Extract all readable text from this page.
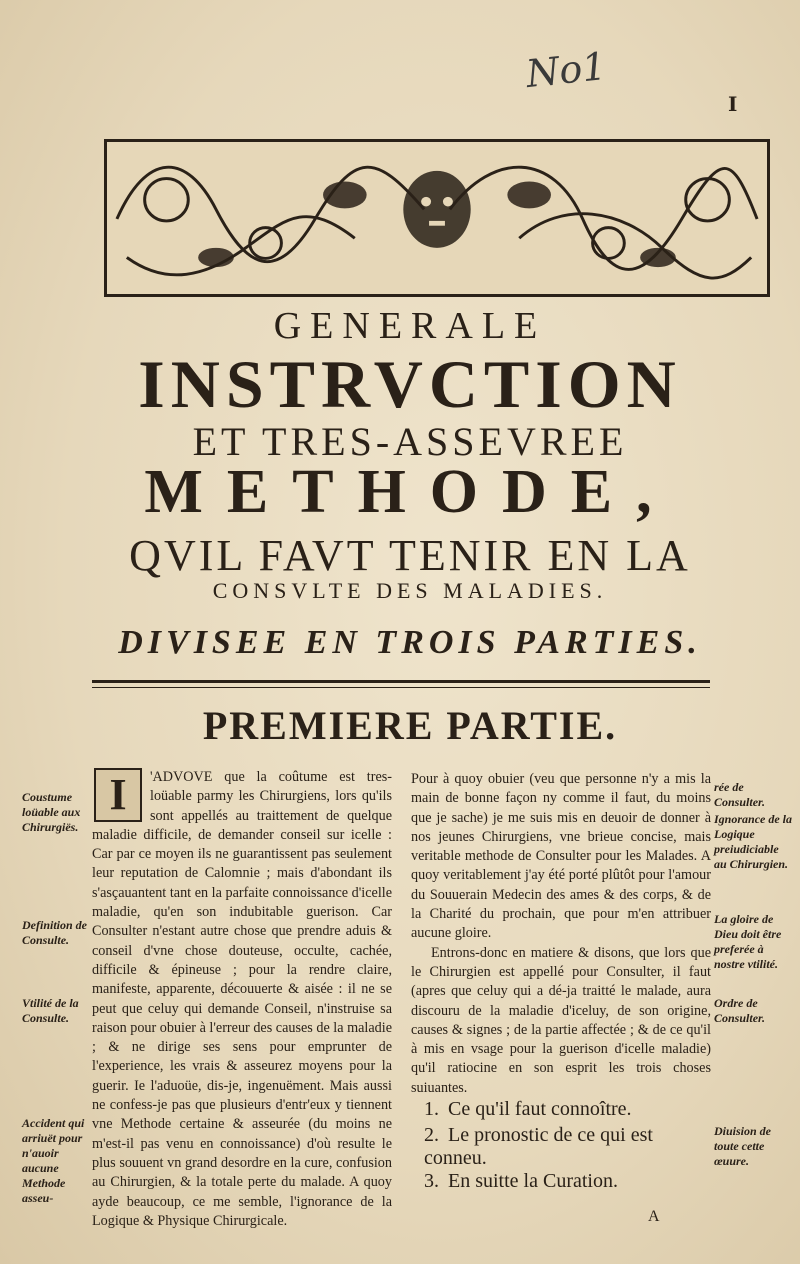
No1
I
GENERALE
INSTRVCTION
ET TRES-ASSEVREE
METHODE,
QVIL FAVT TENIR EN LA
CONSVLTE DES MALADIES.
DIVISEE EN TROIS PARTIES.
PREMIERE PARTIE.
I	'ADVOVE que la coûtume est tres-loüable parmy les Chirurgiens, lors qu'ils sont appellés au traittement de quelque maladie difficile, de demander conseil sur icelle : Car par ce moyen ils ne guarantissent pas seulement leur reputation de Calomnie ; mais d'abondant ils s'asçauantent tant en la parfaite connoissance d'icelle maladie, qu'en son indubitable guerison. Car Consulter n'estant autre chose que prendre aduis & conseil d'vne chose douteuse, occulte, cachée, difficile & épineuse ; pour la rendre claire, manifeste, apparente, découuerte & aisée : il ne se peut que celuy qui demande Conseil, n'instruise sa raison pour obuier à l'erreur des causes de la maladie ; & ne dirige ses sens pour emprunter de l'experience, les vrais & asseurez moyens pour la guerir. Ie l'aduoüe, dis-je, ingenuëment. Mais aussi ne confess-je pas que plusieurs d'entr'eux y tiennent vne Methode certaine & asseurée (du moins ne m'est-il pas venu en connoissance) d'où resulte le plus souuent vn grand desordre en la cure, confusion au Chirurgien, & la totale perte du malade. A quoy ayde beaucoup, ce me semble, l'ignorance de la Logique & Physique Chirurgicale.

Pour à quoy obuier (veu que personne n'y a mis la main de bonne façon ny comme il faut, du moins que je sache) je me suis mis en deuoir de donner à nos jeunes Chirurgiens, vne brieue concise, mais veritable methode de Consulter pour les Malades. A quoy veritablement j'ay été porté plûtôt pour l'amour du Souuerain Medecin des ames & des corps, & de la Charité du prochain, que pour m'en attribuer aucune gloire.

Entrons-donc en matiere & disons, que lors que le Chirurgien est appellé pour Consulter, il faut (apres que celuy qui a dé-ja traitté le malade, aura discouru de la maladie d'iceluy, de son origine, causes & signes ; de la partie affectée ; & de ce qu'il à mis en vsage pour la guerison d'icelle maladie) qu'il ratiocine en son esprit les trois choses suiuantes.

1. Ce qu'il faut connoître.
2. Le pronostic de ce qui est conneu.
3. En suitte la Curation.
Coustume loüable aux Chirurgiës.
Definition de Consulte.
Vtilité de la Consulte.
Accident qui arriuët pour n'auoir aucune Methode asseu-
rée de Consulter.
Ignorance de la Logique preiudiciable au Chirurgien.
La gloire de Dieu doit être preferée à nostre vtilité.
Ordre de Consulter.
Diuision de toute cette œuure.
A
